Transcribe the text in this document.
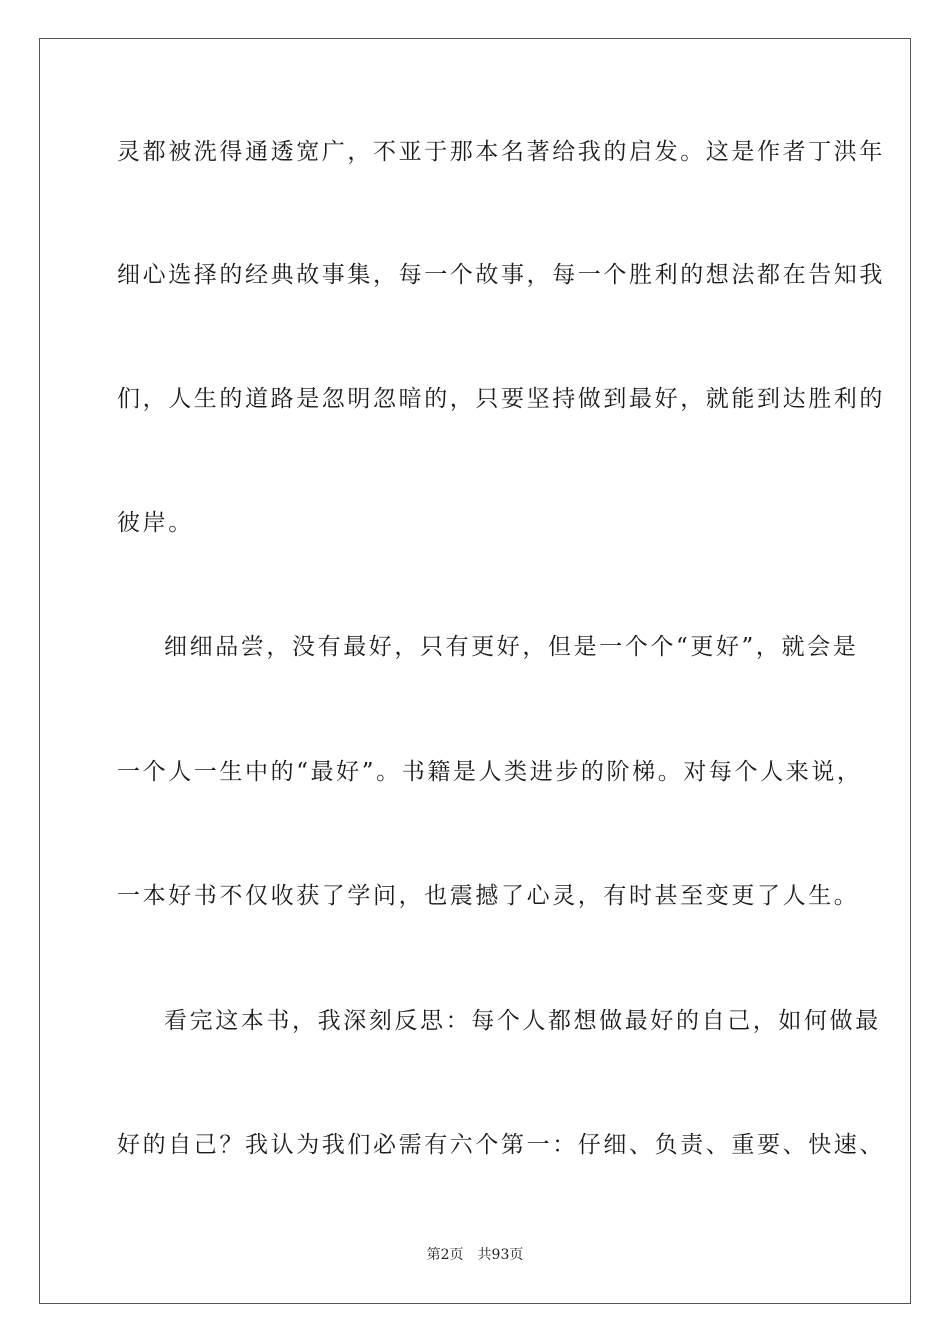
灵都被洗得通透宽广，不亚于那本名著给我的启发。这是作者丁洪年
细心选择的经典故事集，每一个故事，每一个胜利的想法都在告知我
们，人生的道路是忽明忽暗的，只要坚持做到最好，就能到达胜利的
彼岸。
细细品尝，没有最好，只有更好，但是一个个“更好”，就会是
一个人一生中的“最好”。书籍是人类进步的阶梯。对每个人来说，
一本好书不仅收获了学问，也震撼了心灵，有时甚至变更了人生。
看完这本书，我深刻反思：每个人都想做最好的自己，如何做最
好的自己？我认为我们必需有六个第一：仔细、负责、重要、快速、
第2页 共93页
